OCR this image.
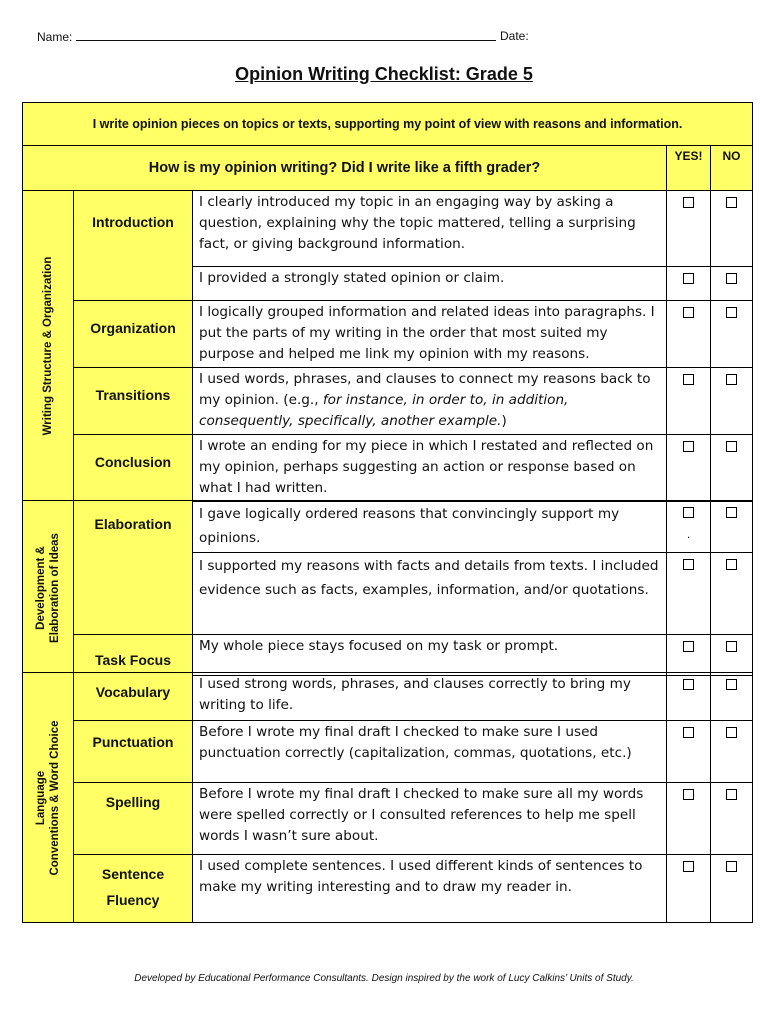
Name:	Date:
Opinion Writing Checklist: Grade 5
I write opinion pieces on topics or texts, supporting my point of view with reasons and information.				
How is my opinion writing? Did I write like a fifth grader?			YES!	NO

Writing Structure & Organization	Introduction	I clearly introduced my topic in an engaging way by asking a question, explaining why the topic mattered, telling a surprising fact, or giving background information.		
		I provided a strongly stated opinion or claim.		

	Organization	I logically grouped information and related ideas into paragraphs. I put the parts of my writing in the order that most suited my purpose and helped me link my opinion with my reasons.		

	Transitions	I used words, phrases, and clauses to connect my reasons back to my opinion. (e.g., for instance, in order to, in addition, consequently, specifically, another example.)		

	Conclusion	I wrote an ending for my piece in which I restated and reflected on my opinion, perhaps suggesting an action or response based on what I had written.		
Development & Elaboration of Ideas	Elaboration	I gave logically ordered reasons that convincingly support my opinions.	.	

		I supported my reasons with facts and details from texts. I included evidence such as facts, examples, information, and/or quotations.		

	Task Focus	My whole piece stays focused on my task or prompt.		
Language Conventions & Word Choice	Vocabulary	I used strong words, phrases, and clauses correctly to bring my writing to life.		

	Punctuation	Before I wrote my final draft I checked to make sure I used punctuation correctly (capitalization, commas, quotations, etc.)		

	Spelling	Before I wrote my final draft I checked to make sure all my words were spelled correctly or I consulted references to help me spell words I wasn’t sure about.		

	Sentence
Fluency	I used complete sentences. I used different kinds of sentences to make my writing interesting and to draw my reader in.		
Developed by Educational Performance Consultants. Design inspired by the work of Lucy Calkins’ Units of Study.
